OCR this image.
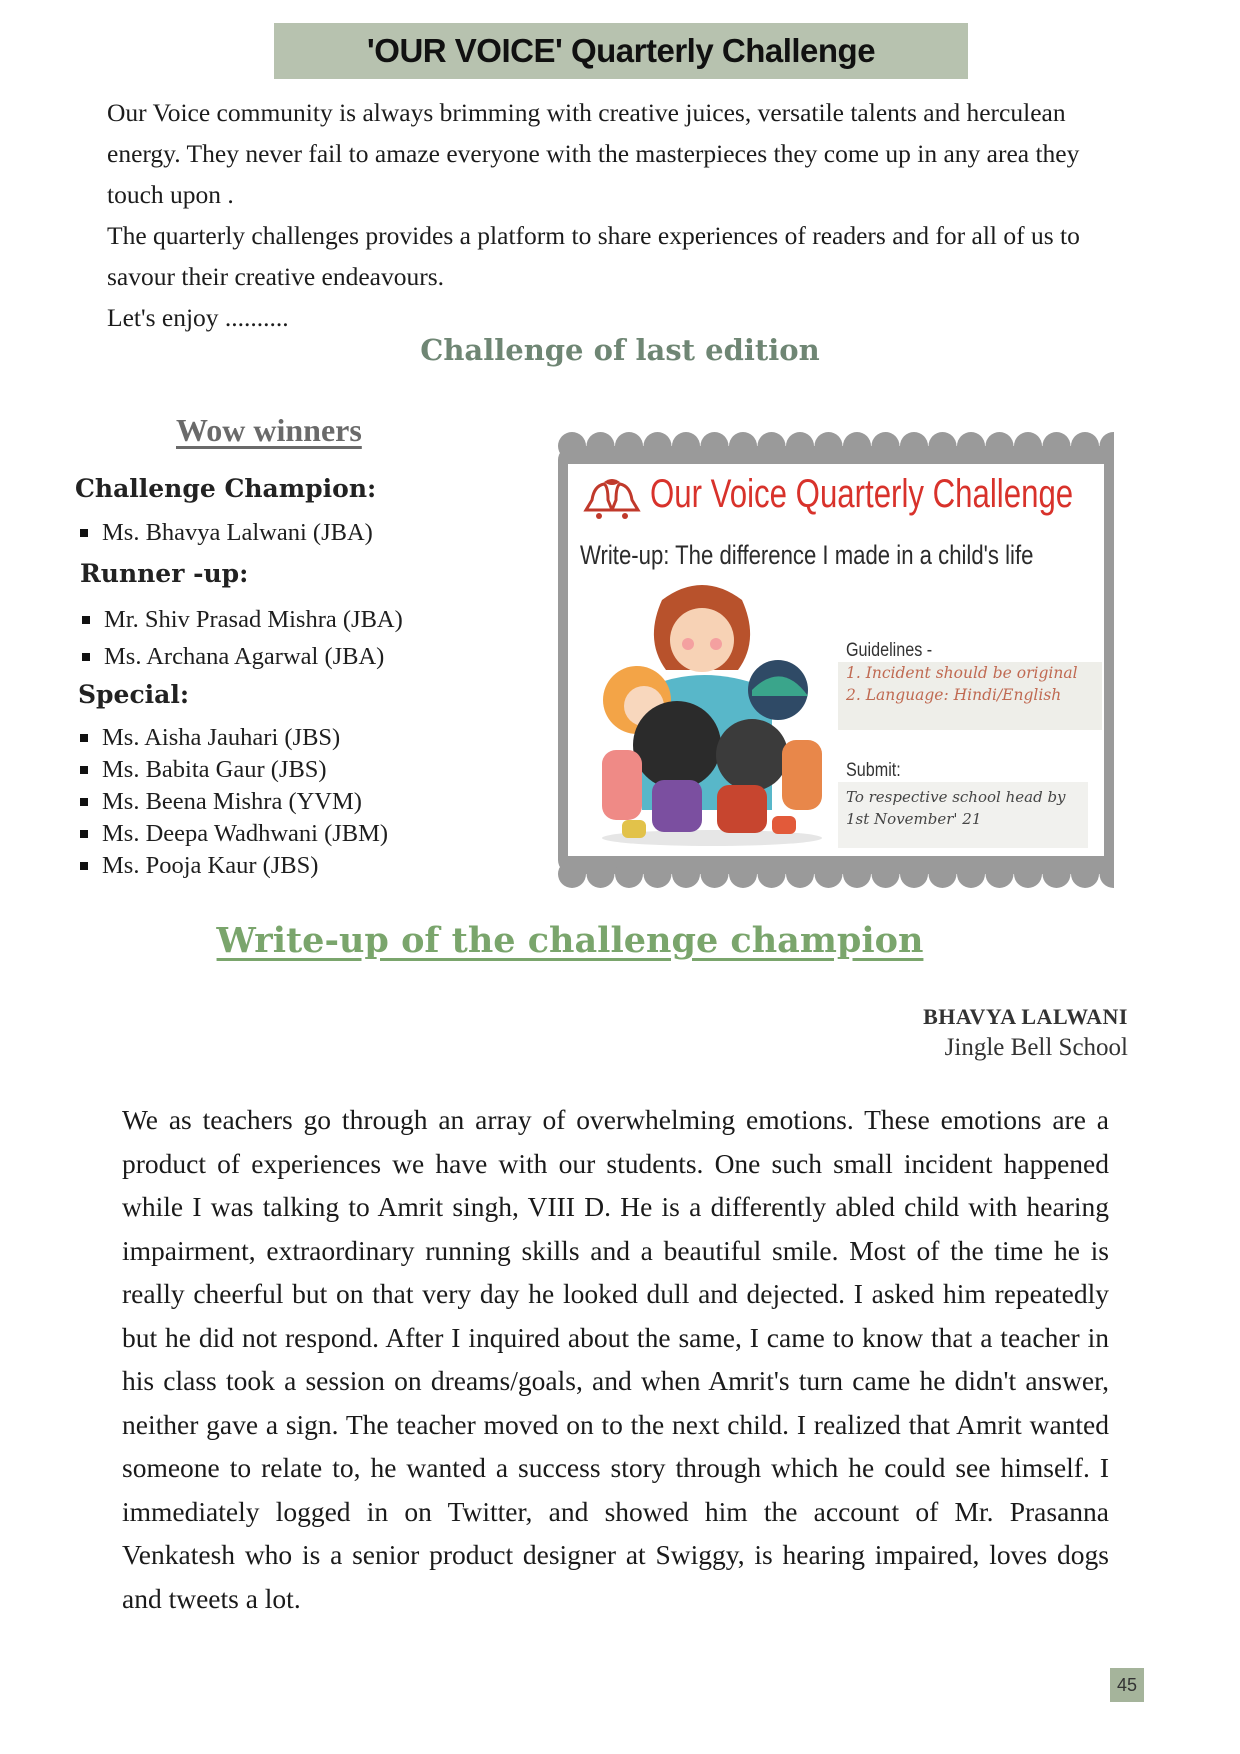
'OUR VOICE' Quarterly Challenge

Our Voice community is always brimming with creative juices, versatile talents and herculean energy. They never fail to amaze everyone with the masterpieces they come up in any area they touch upon .

The quarterly challenges provides a platform to share experiences of readers and for all of us to savour their creative endeavours.

Let's enjoy ..........

Challenge of last edition
Wow winners
Challenge Champion:
Ms. Bhavya Lalwani (JBA)
Runner -up:
Mr. Shiv Prasad Mishra (JBA)
Ms. Archana Agarwal (JBA)
Special:
Ms. Aisha Jauhari (JBS)
Ms. Babita Gaur (JBS)
Ms. Beena Mishra (YVM)
Ms. Deepa Wadhwani (JBM)
Ms. Pooja Kaur (JBS)
Our Voice Quarterly Challenge
Write-up: The difference I made in a child's life
Guidelines -
1. Incident should be original
2. Language: Hindi/English
Submit:
To respective school head by 1st November' 21
Write-up of the challenge champion
BHAVYA LALWANI
Jingle Bell School
We as teachers go through an array of overwhelming emotions. These emotions are a product of experiences we have with our students. One such small incident happened while I was talking to Amrit singh, VIII D. He is a differently abled child with hearing impairment, extraordinary running skills and a beautiful smile. Most of the time he is really cheerful but on that very day he looked dull and dejected. I asked him repeatedly but he did not respond. After I inquired about the same, I came to know that a teacher in his class took a session on dreams/goals, and when Amrit's turn came he didn't answer, neither gave a sign. The teacher moved on to the next child. I realized that Amrit wanted someone to relate to, he wanted a success story through which he could see himself. I immediately logged in on Twitter, and showed him the account of Mr. Prasanna Venkatesh who is a senior product designer at Swiggy, is hearing impaired, loves dogs and tweets a lot.
45
